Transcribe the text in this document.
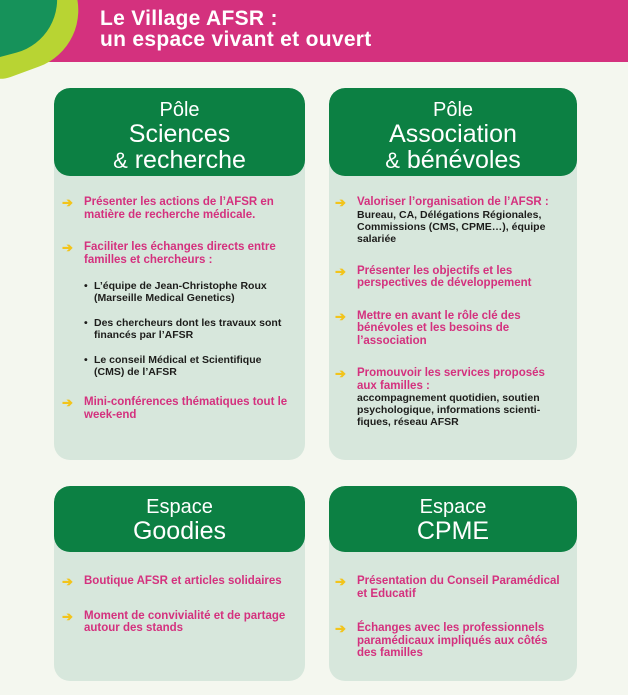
Le Village AFSR :
un espace vivant et ouvert
Pôle
Sciences
& recherche
➔ Présenter les actions de l’AFSR en matière de recherche médicale.
➔ Faciliter les échanges directs entre familles et chercheurs :
• L’équipe de Jean-Christophe Roux (Marseille Medical Genetics)
• Des chercheurs dont les travaux sont financés par l’AFSR
• Le conseil Médical et Scientifique (CMS) de l’AFSR
➔ Mini-conférences thématiques tout le week-end
Pôle
Association
& bénévoles
➔ Valoriser l’organisation de l’AFSR :
Bureau, CA, Délégations Régionales, Commissions (CMS, CPME…), équipe salariée
➔ Présenter les objectifs et les perspectives de développement
➔ Mettre en avant le rôle clé des bénévoles et les besoins de l’association
➔ Promouvoir les services proposés aux familles :
accompagnement quotidien, soutien psychologique, informations scienti-fiques, réseau AFSR
Espace
Goodies
➔ Boutique AFSR et articles solidaires
➔ Moment de convivialité et de partage autour des stands
Espace
CPME
➔ Présentation du Conseil Paramédical et Educatif
➔ Échanges avec les professionnels paramédicaux impliqués aux côtés des familles
